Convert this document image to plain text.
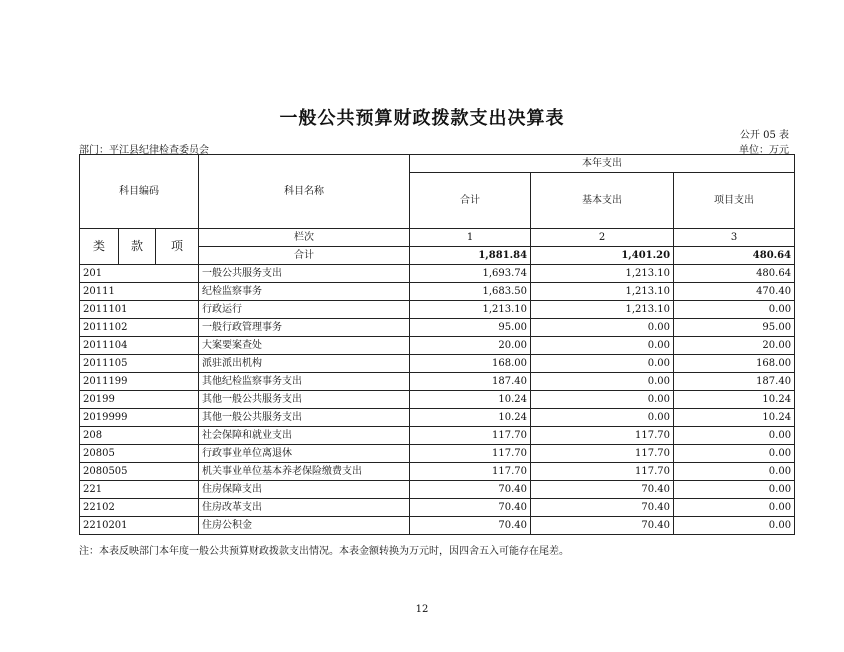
一般公共预算财政拨款支出决算表
公开 05 表
部门：平江县纪律检查委员会	单位：万元
科目编码			科目名称	本年支出		
				合计	基本支出	项目支出
类	款	项	栏次	1	2	3
			合计	1,881.84	1,401.20	480.64
201			一般公共服务支出	1,693.74	1,213.10	480.64
20111			纪检监察事务	1,683.50	1,213.10	470.40
2011101			行政运行	1,213.10	1,213.10	0.00
2011102			一般行政管理事务	95.00	0.00	95.00
2011104			大案要案查处	20.00	0.00	20.00
2011105			派驻派出机构	168.00	0.00	168.00
2011199			其他纪检监察事务支出	187.40	0.00	187.40
20199			其他一般公共服务支出	10.24	0.00	10.24
2019999			其他一般公共服务支出	10.24	0.00	10.24
208			社会保障和就业支出	117.70	117.70	0.00
20805			行政事业单位离退休	117.70	117.70	0.00
2080505			机关事业单位基本养老保险缴费支出	117.70	117.70	0.00
221			住房保障支出	70.40	70.40	0.00
22102			住房改革支出	70.40	70.40	0.00
2210201			住房公积金	70.40	70.40	0.00
注：本表反映部门本年度一般公共预算财政拨款支出情况。本表金额转换为万元时，因四舍五入可能存在尾差。
12
